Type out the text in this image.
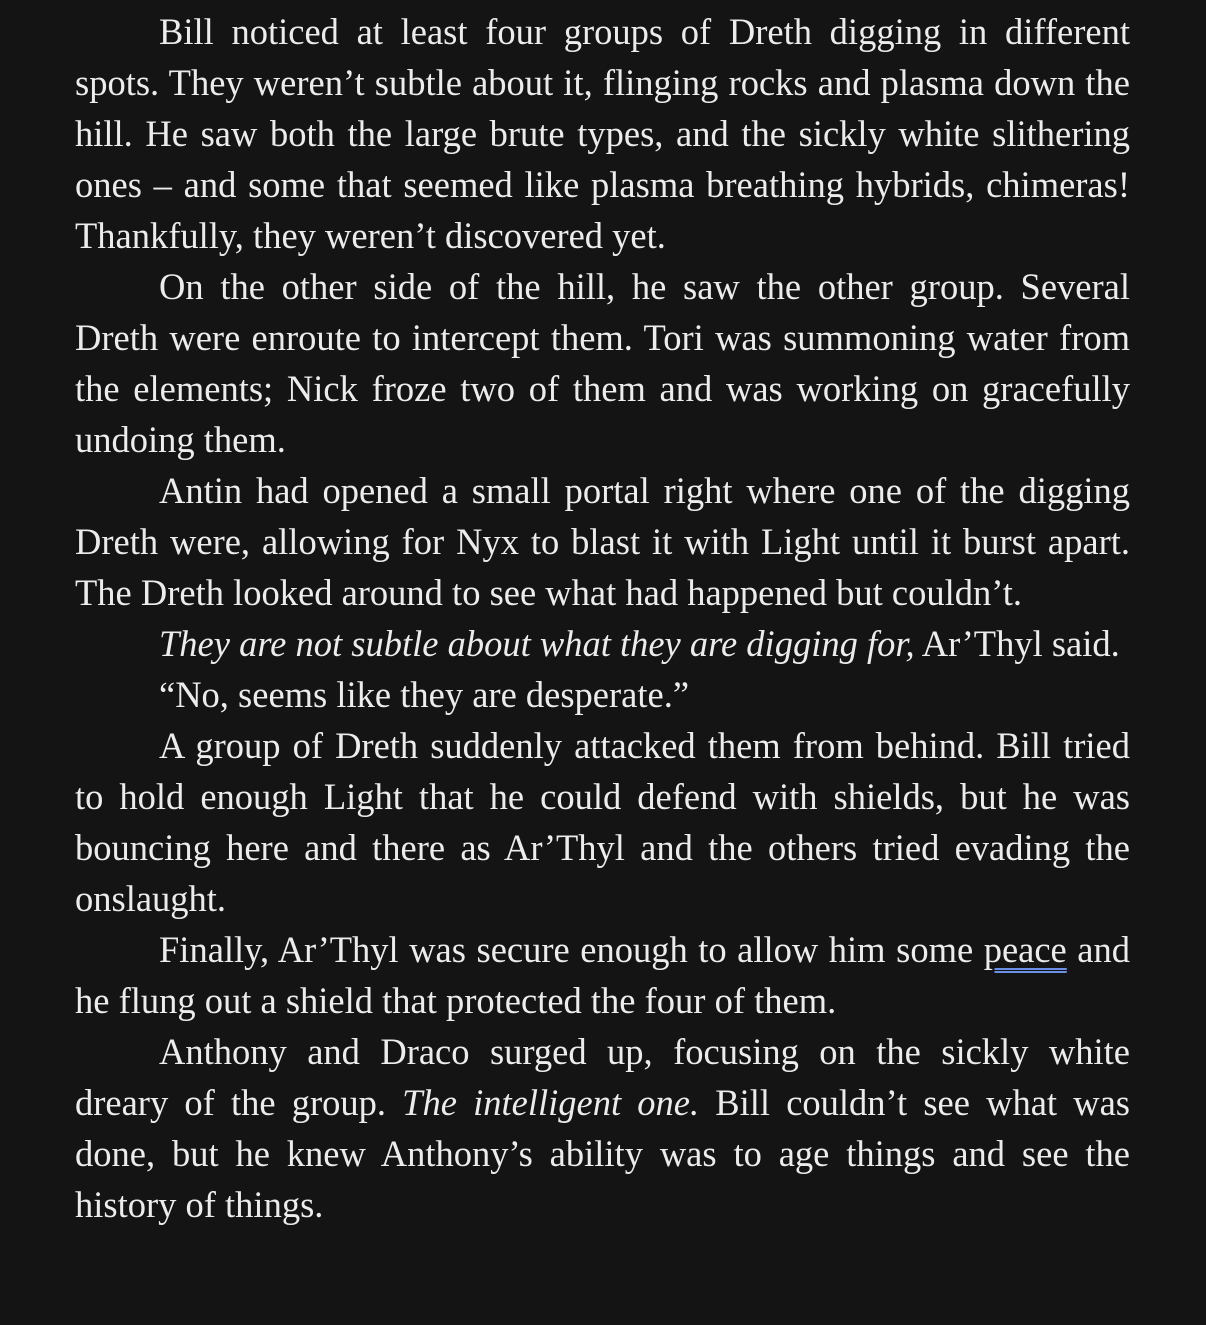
Bill noticed at least four groups of Dreth digging in different spots. They weren’t subtle about it, flinging rocks and plasma down the hill. He saw both the large brute types, and the sickly white slithering ones – and some that seemed like plasma breathing hybrids, chimeras! Thankfully, they weren’t discovered yet.

On the other side of the hill, he saw the other group. Several Dreth were enroute to intercept them. Tori was summoning water from the elements; Nick froze two of them and was working on gracefully undoing them.

Antin had opened a small portal right where one of the digging Dreth were, allowing for Nyx to blast it with Light until it burst apart. The Dreth looked around to see what had happened but couldn’t.

They are not subtle about what they are digging for, Ar’Thyl said.

“No, seems like they are desperate.”

A group of Dreth suddenly attacked them from behind. Bill tried to hold enough Light that he could defend with shields, but he was bouncing here and there as Ar’Thyl and the others tried evading the onslaught.

Finally, Ar’Thyl was secure enough to allow him some peace and he flung out a shield that protected the four of them.

Anthony and Draco surged up, focusing on the sickly white dreary of the group. The intelligent one. Bill couldn’t see what was done, but he knew Anthony’s ability was to age things and see the history of things.
